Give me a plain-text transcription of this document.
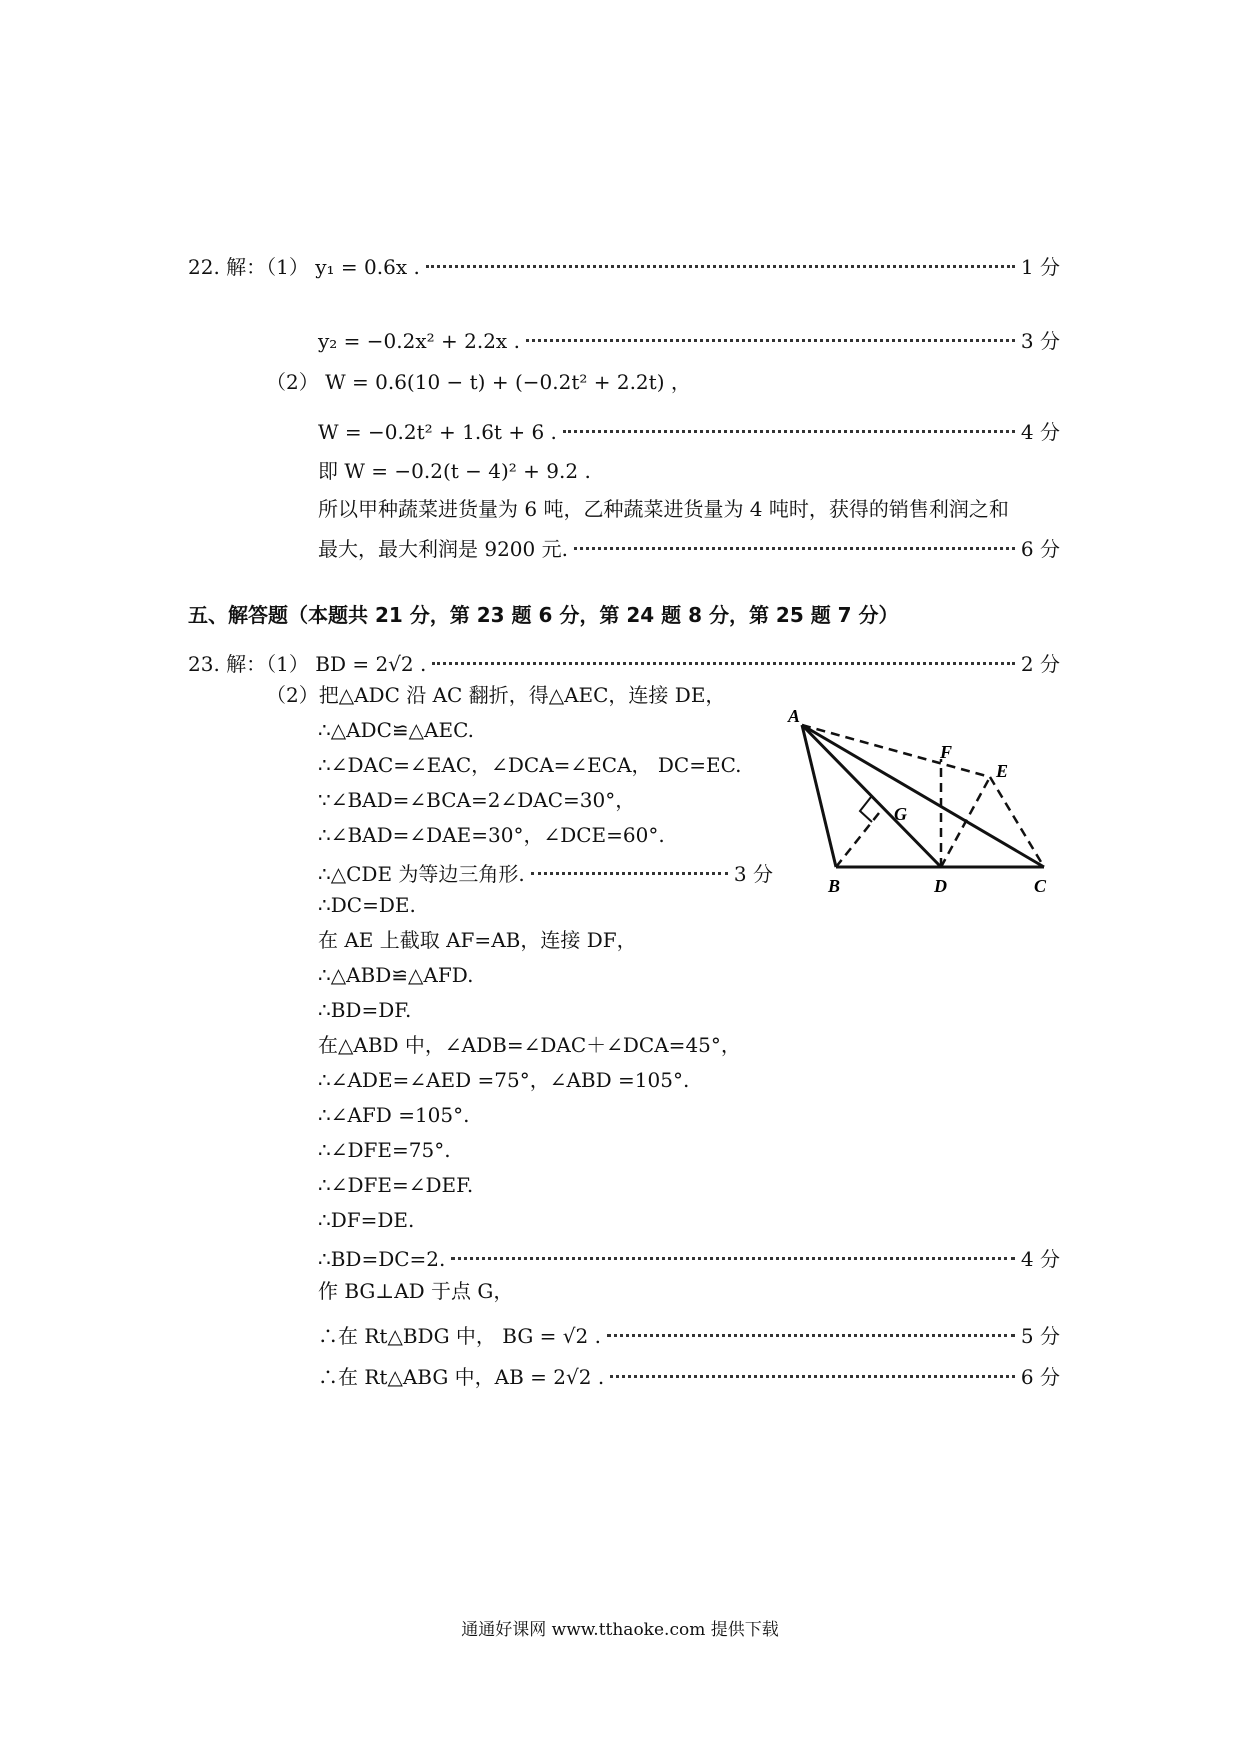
22. 解：（1） y₁ = 0.6x .	1 分
y₂ = −0.2x² + 2.2x .	3 分
（2） W = 0.6(10 − t) + (−0.2t² + 2.2t) ，
W = −0.2t² + 1.6t + 6 .	4 分
即 W = −0.2(t − 4)² + 9.2 .
所以甲种蔬菜进货量为 6 吨，乙种蔬菜进货量为 4 吨时，获得的销售利润之和
最大，最大利润是 9200 元.	6 分
五、解答题（本题共 21 分，第 23 题 6 分，第 24 题 8 分，第 25 题 7 分）
23. 解：（1） BD = 2√2 .	2 分
（2）把△ADC 沿 AC 翻折，得△AEC，连接 DE，
∴△ADC≌△AEC.
∴∠DAC=∠EAC，∠DCA=∠ECA， DC=EC.
∵∠BAD=∠BCA=2∠DAC=30°，
∴∠BAD=∠DAE=30°，∠DCE=60°.
∴△CDE 为等边三角形.	3 分
∴DC=DE.
在 AE 上截取 AF=AB，连接 DF，
∴△ABD≌△AFD.
∴BD=DF.
在△ABD 中，∠ADB=∠DAC＋∠DCA=45°，
∴∠ADE=∠AED =75°，∠ABD =105°.
∴∠AFD =105°.
∴∠DFE=75°.
∴∠DFE=∠DEF.
∴DF=DE.
∴BD=DC=2.	4 分
作 BG⊥AD 于点 G，
∴在 Rt△BDG 中， BG = √2 .	5 分
∴在 Rt△ABG 中，AB = 2√2 .	6 分
A
B	C
D
E
F
G
通通好课网 www.tthaoke.com 提供下载
